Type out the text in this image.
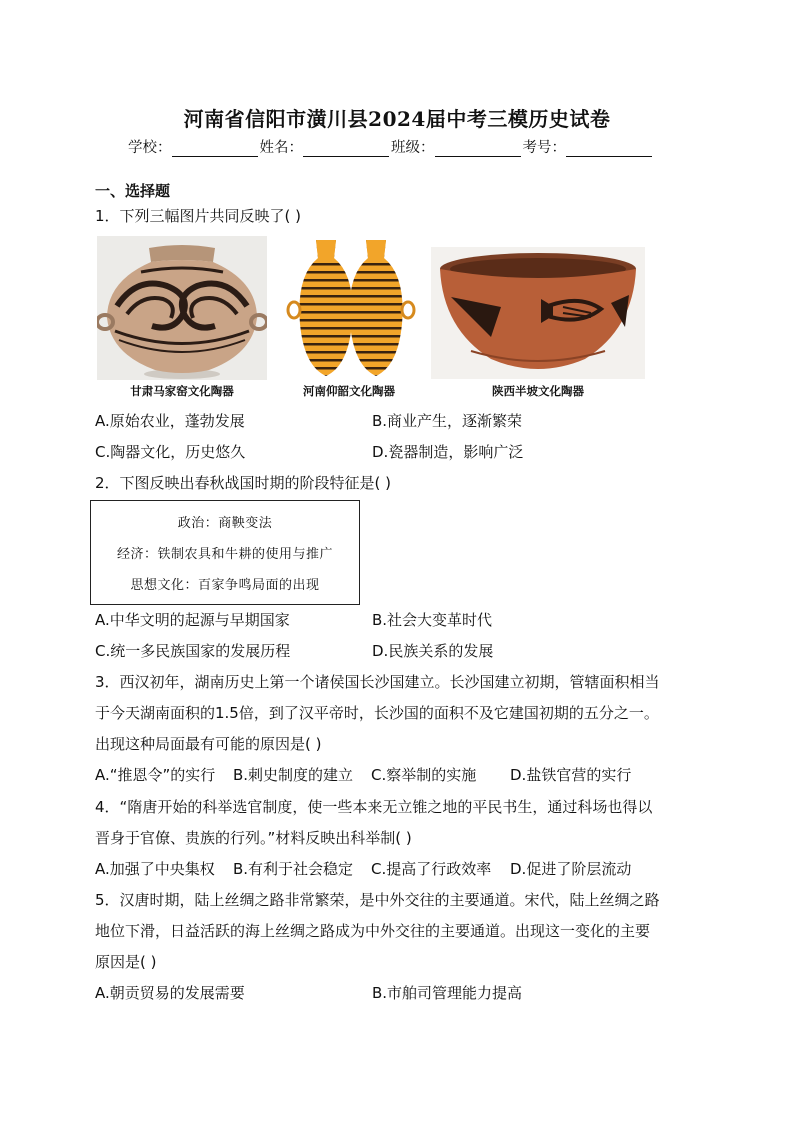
河南省信阳市潢川县2024届中考三模历史试卷
学校：	姓名：	班级：	考号：
一、选择题
1．下列三幅图片共同反映了( )
甘肃马家窑文化陶器	河南仰韶文化陶器	陕西半坡文化陶器
A.原始农业，蓬勃发展	B.商业产生，逐渐繁荣
C.陶器文化，历史悠久	D.瓷器制造，影响广泛
2．下图反映出春秋战国时期的阶段特征是( )
政治：商鞅变法
经济：铁制农具和牛耕的使用与推广
思想文化：百家争鸣局面的出现
A.中华文明的起源与早期国家	B.社会大变革时代
C.统一多民族国家的发展历程	D.民族关系的发展
3．西汉初年，湖南历史上第一个诸侯国长沙国建立。长沙国建立初期，管辖面积相当
于今天湖南面积的1.5倍，到了汉平帝时，长沙国的面积不及它建国初期的五分之一。
出现这种局面最有可能的原因是( )
A.“推恩令”的实行 B.刺史制度的建立 C.察举制的实施 D.盐铁官营的实行
4．“隋唐开始的科举选官制度，使一些本来无立锥之地的平民书生，通过科场也得以
晋身于官僚、贵族的行列。”材料反映出科举制( )
A.加强了中央集权 B.有利于社会稳定 C.提高了行政效率 D.促进了阶层流动
5．汉唐时期，陆上丝绸之路非常繁荣，是中外交往的主要通道。宋代，陆上丝绸之路
地位下滑，日益活跃的海上丝绸之路成为中外交往的主要通道。出现这一变化的主要
原因是( )
A.朝贡贸易的发展需要	B.市舶司管理能力提高
